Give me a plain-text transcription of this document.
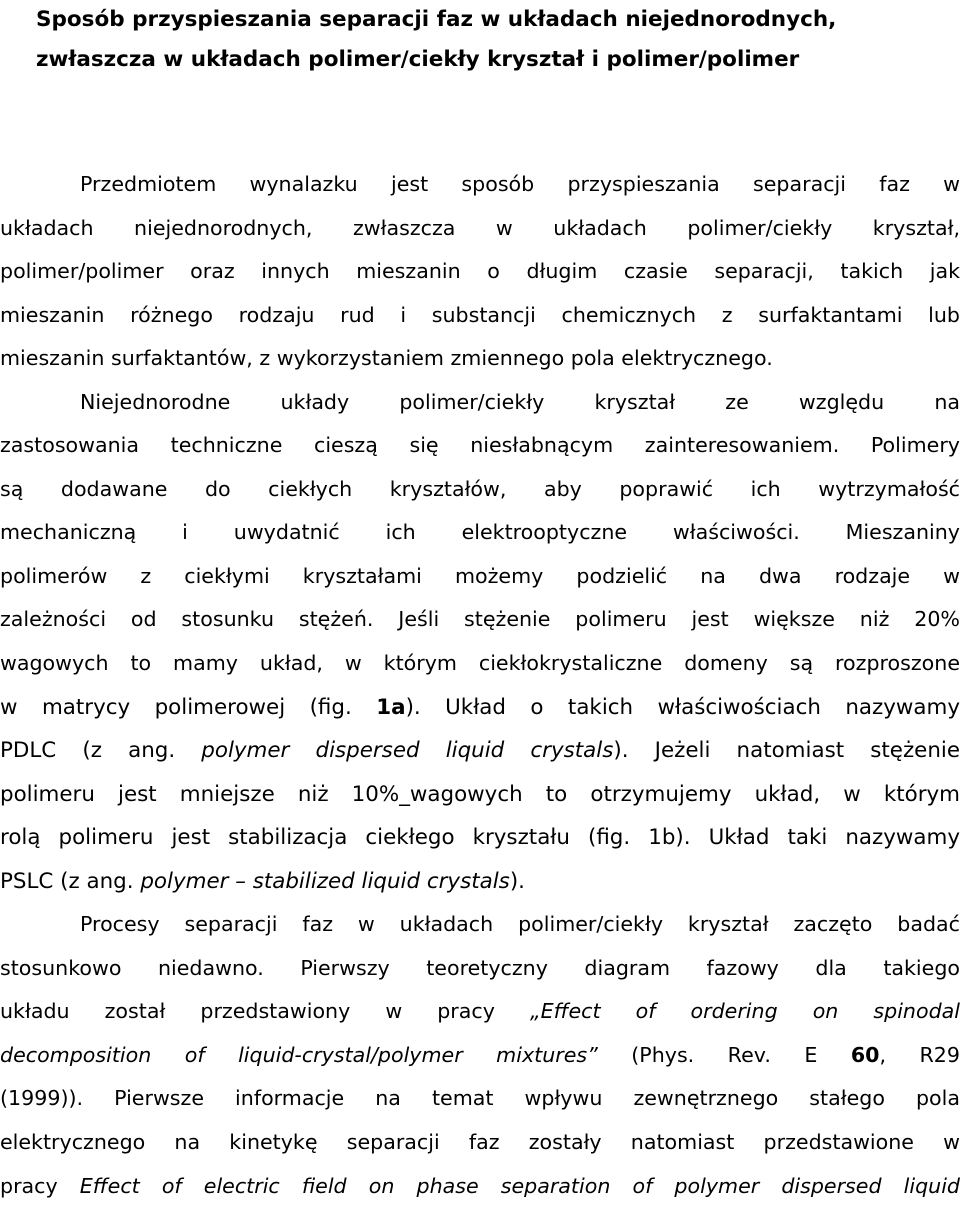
Sposób przyspieszania separacji faz w układach niejednorodnych,
zwłaszcza w układach polimer/ciekły kryształ i polimer/polimer
Przedmiotem wynalazku jest sposób przyspieszania separacji faz w
układach niejednorodnych, zwłaszcza w układach polimer/ciekły kryształ,
polimer/polimer oraz innych mieszanin o długim czasie separacji, takich jak
mieszanin różnego rodzaju rud i substancji chemicznych z surfaktantami lub
mieszanin surfaktantów, z wykorzystaniem zmiennego pola elektrycznego.
Niejednorodne układy polimer/ciekły kryształ ze względu na
zastosowania techniczne cieszą się niesłabnącym zainteresowaniem. Polimery
są dodawane do ciekłych kryształów, aby poprawić ich wytrzymałość
mechaniczną i uwydatnić ich elektrooptyczne właściwości. Mieszaniny
polimerów z ciekłymi kryształami możemy podzielić na dwa rodzaje w
zależności od stosunku stężeń. Jeśli stężenie polimeru jest większe niż 20%
wagowych to mamy układ, w którym ciekłokrystaliczne domeny są rozproszone
w matrycy polimerowej (fig. 1a). Układ o takich właściwościach nazywamy
PDLC (z ang. polymer dispersed liquid crystals). Jeżeli natomiast stężenie
polimeru jest mniejsze niż 10%_wagowych to otrzymujemy układ, w którym
rolą polimeru jest stabilizacja ciekłego kryształu (fig. 1b). Układ taki nazywamy
PSLC (z ang. polymer – stabilized liquid crystals).
Procesy separacji faz w układach polimer/ciekły kryształ zaczęto badać
stosunkowo niedawno. Pierwszy teoretyczny diagram fazowy dla takiego
układu został przedstawiony w pracy „Effect of ordering on spinodal
decomposition of liquid-crystal/polymer mixtures” (Phys. Rev. E 60, R29
(1999)). Pierwsze informacje na temat wpływu zewnętrznego stałego pola
elektrycznego na kinetykę separacji faz zostały natomiast przedstawione w
pracy Effect of electric field on phase separation of polymer dispersed liquid
